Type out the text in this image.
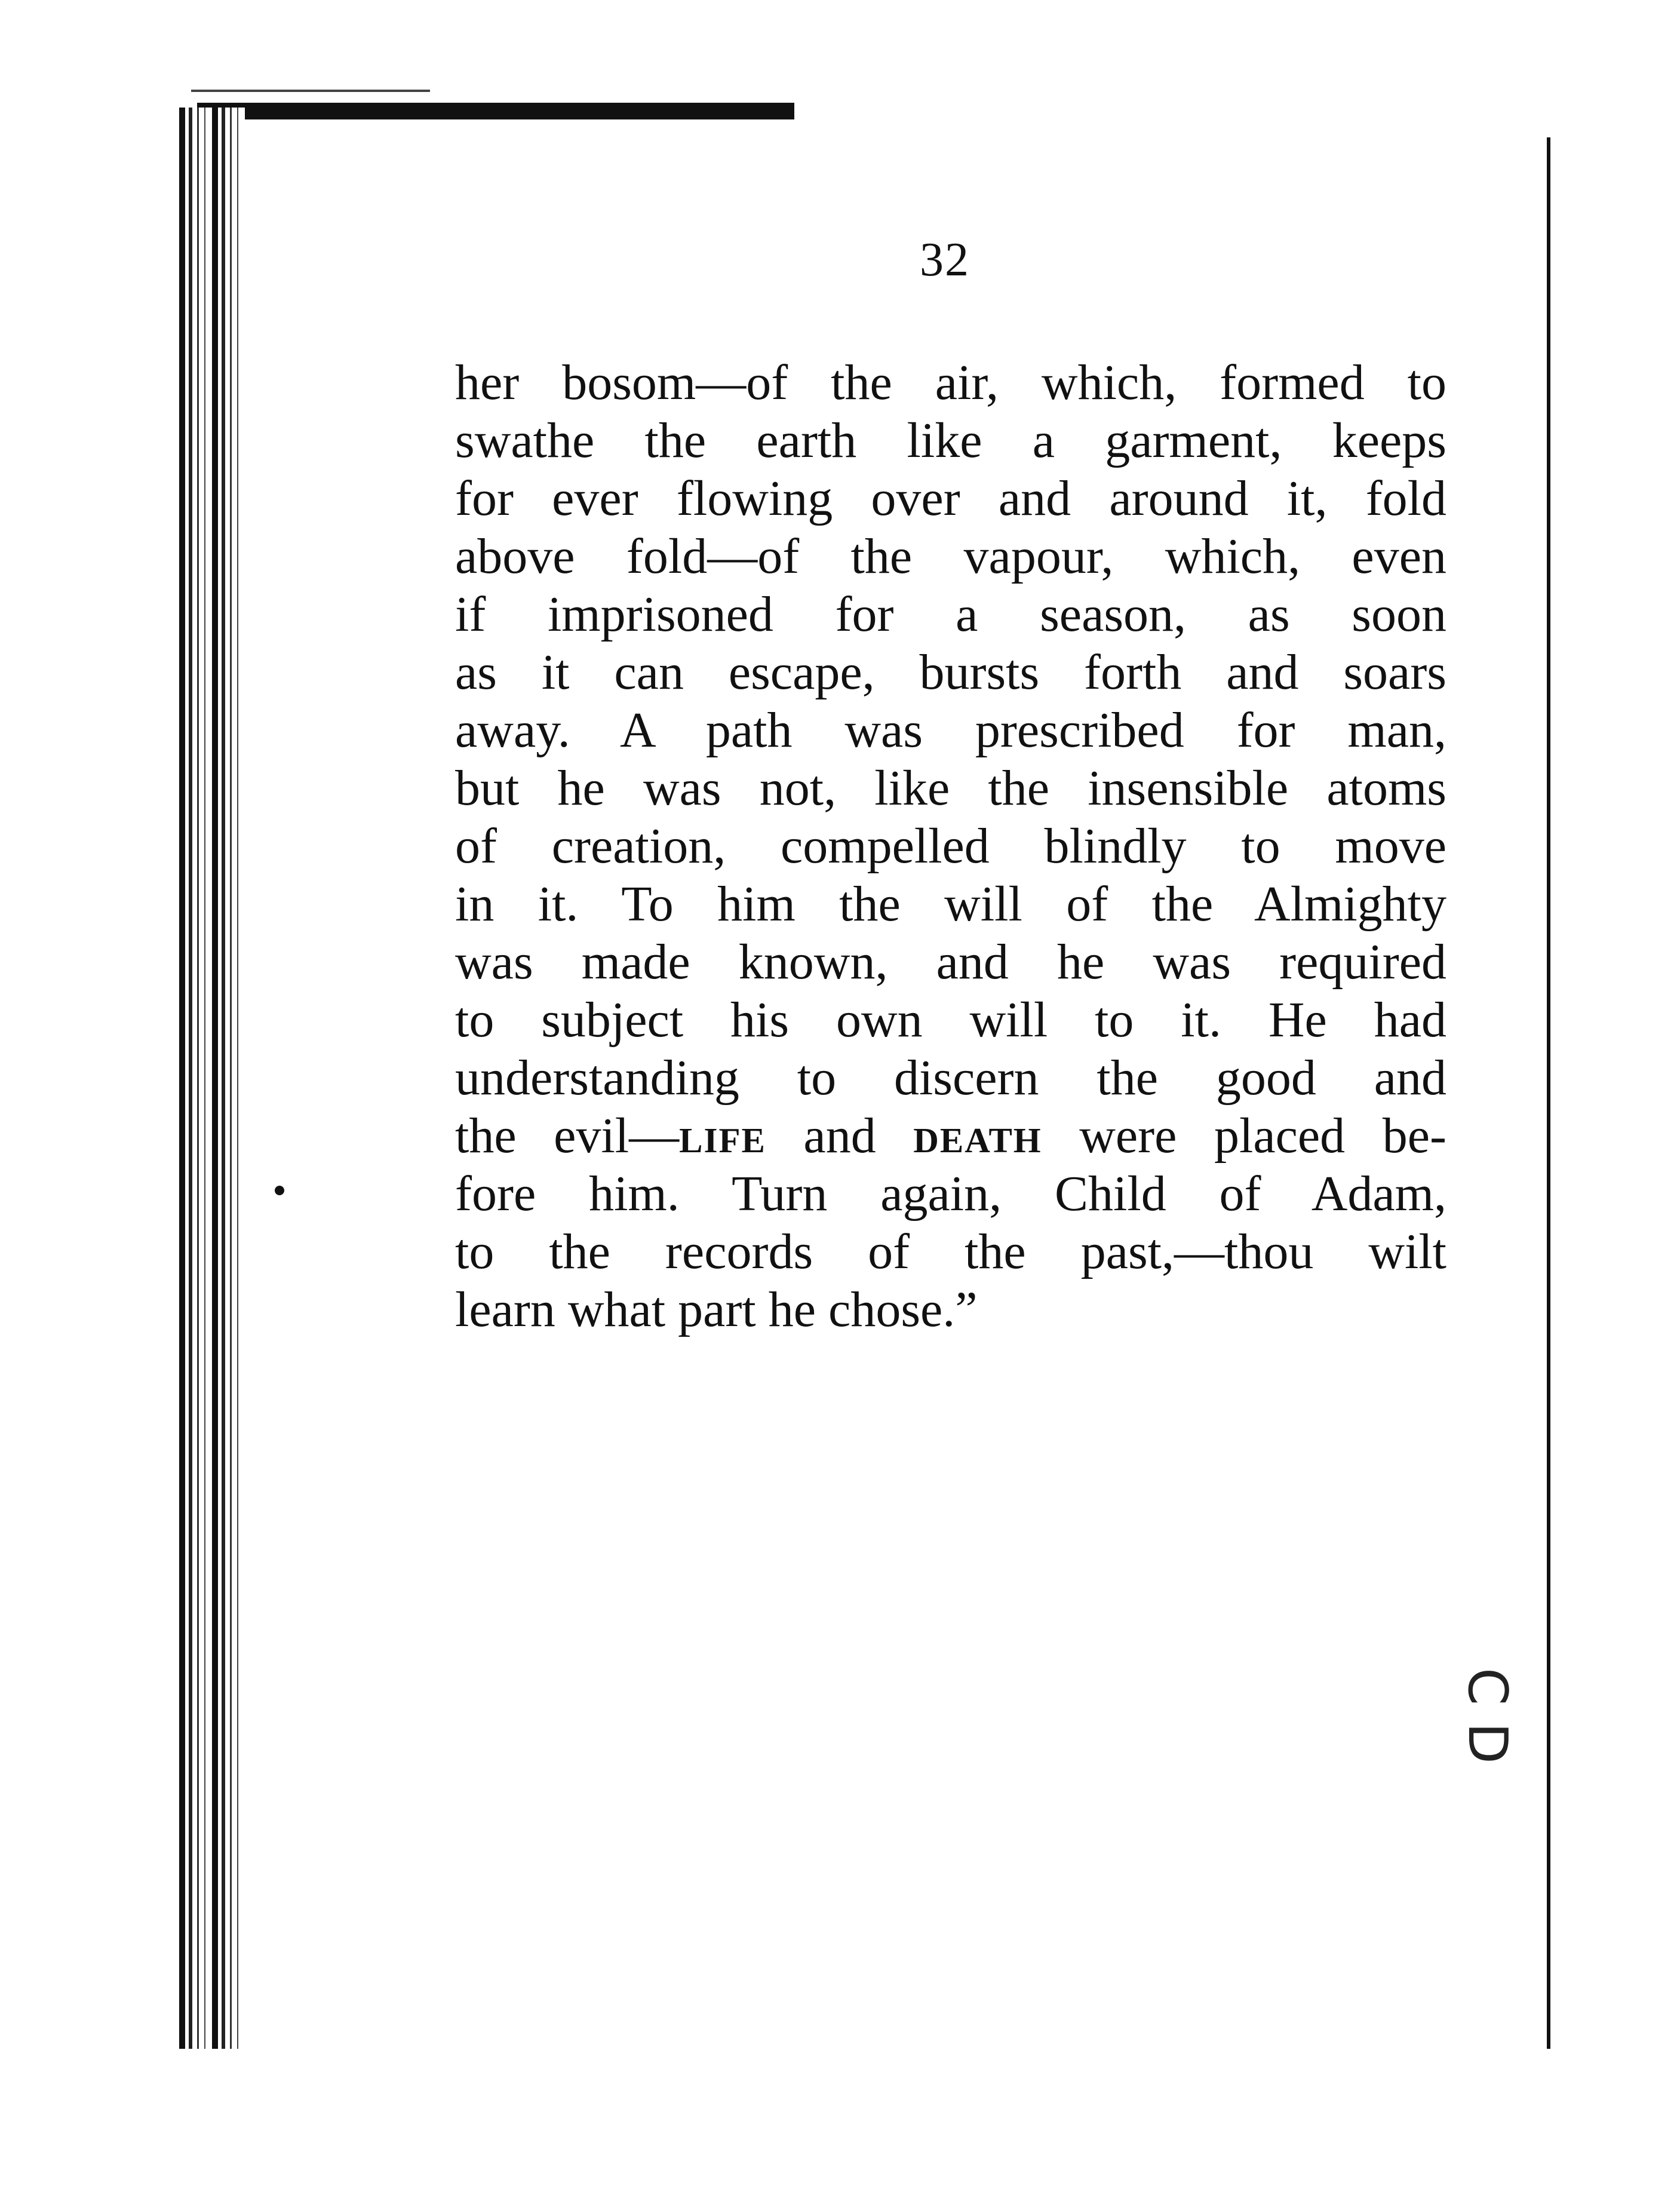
32
her bosom—of the air, which, formed to
swathe the earth like a garment, keeps
for ever flowing over and around it, fold
above fold—of the vapour, which, even
if imprisoned for a season, as soon
as it can escape, bursts forth and soars
away. A path was prescribed for man,
but he was not, like the insensible atoms
of creation, compelled blindly to move
in it. To him the will of the Almighty
was made known, and he was required
to subject his own will to it. He had
understanding to discern the good and
the evil—life and death were placed be-
fore him. Turn again, Child of Adam,
to the records of the past,—thou wilt
learn what part he chose.”
C D
